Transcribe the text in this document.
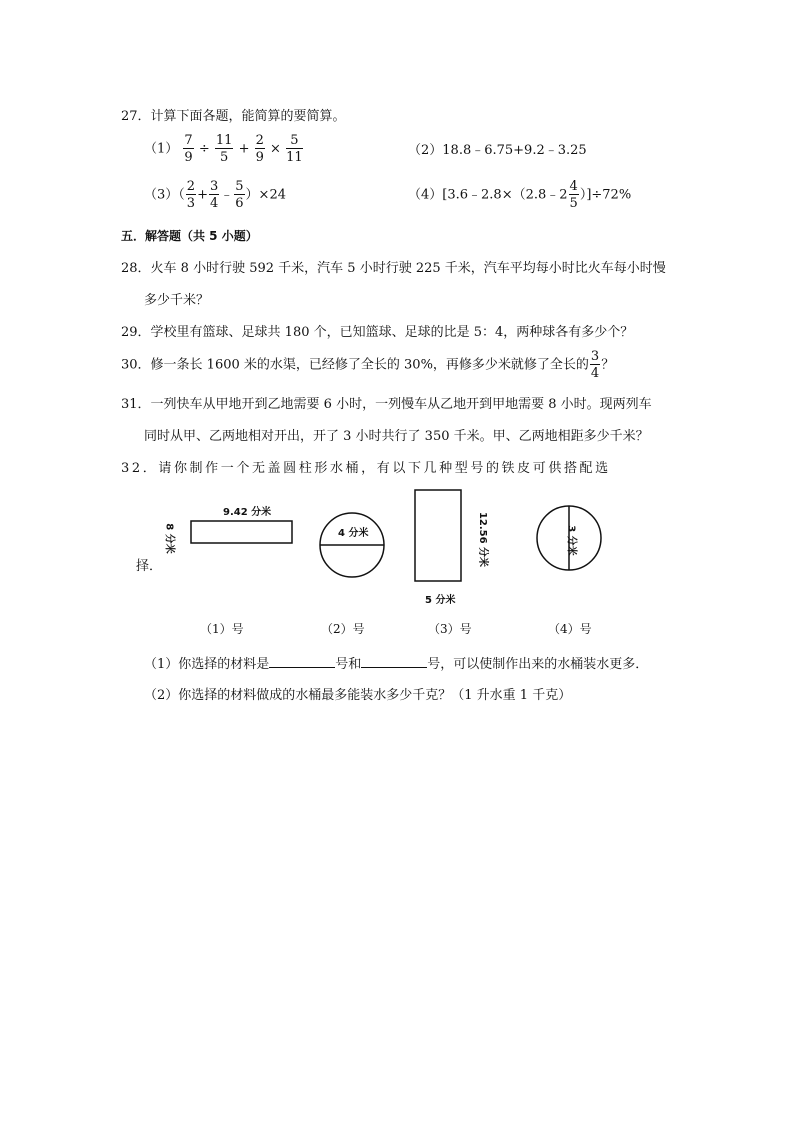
27．计算下面各题，能简算的要简算。
$(1) \frac{7}{9} \div \frac{11}{5} + \frac{2}{9} \times \frac{5}{11}$	（2）18.8﹣6.75+9.2﹣3.25
$(3)( \frac{2}{3} + \frac{3}{4}$ ﹣ $\frac{5}{6} )\times 24$	（4）[3.6﹣2.8×（2.8﹣2 $\frac{4}{5} )]\div 72\%$
五．解答题（共 5 小题）
28．火车 8 小时行驶 592 千米，汽车 5 小时行驶 225 千米，汽车平均每小时比火车每小时慢
多少千米？
29．学校里有篮球、足球共 180 个，已知篮球、足球的比是 5：4，两种球各有多少个？
30．修一条长 1600 米的水渠，已经修了全长的 30%，再修多少米就修了全长的 $\frac{3}{4}$ ？
31．一列快车从甲地开到乙地需要 6 小时，一列慢车从乙地开到甲地需要 8 小时。现两列车
同时从甲、乙两地相对开出，开了 3 小时共行了 350 千米。甲、乙两地相距多少千米？
32．请你制作一个无盖圆柱形水桶，有以下几种型号的铁皮可供搭配选
择．
9.42 分米
8 分米	4 分米	12.56 分米
5 分米
3 分米
（1）号	（2）号	（3）号	（4）号
（1）你选择的材料是	号和	号，可以使制作出来的水桶装水更多．
（2）你选择的材料做成的水桶最多能装水多少千克？（1 升水重 1 千克）
